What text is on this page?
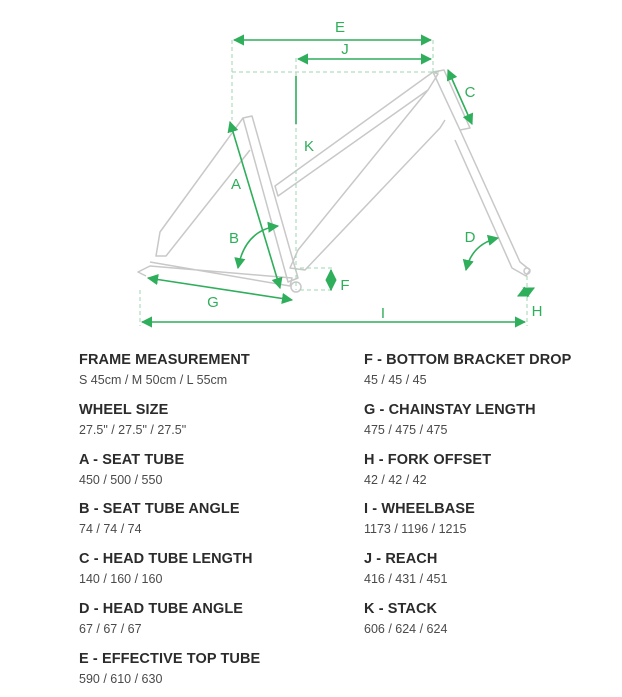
E
J
C
K
A
B	D
F
G
I	H
FRAME MEASUREMENT
S 45cm / M 50cm / L 55cm
WHEEL SIZE
27.5" / 27.5" / 27.5"
A - SEAT TUBE
450 / 500 / 550
B - SEAT TUBE ANGLE
74 / 74 / 74
C - HEAD TUBE LENGTH
140 / 160 / 160
D - HEAD TUBE ANGLE
67 / 67 / 67
E - EFFECTIVE TOP TUBE
590 / 610 / 630
F - BOTTOM BRACKET DROP
45 / 45 / 45
G - CHAINSTAY LENGTH
475 / 475 / 475
H - FORK OFFSET
42 / 42 / 42
I - WHEELBASE
1173 / 1196 / 1215
J - REACH
416 / 431 / 451
K - STACK
606 / 624 / 624
